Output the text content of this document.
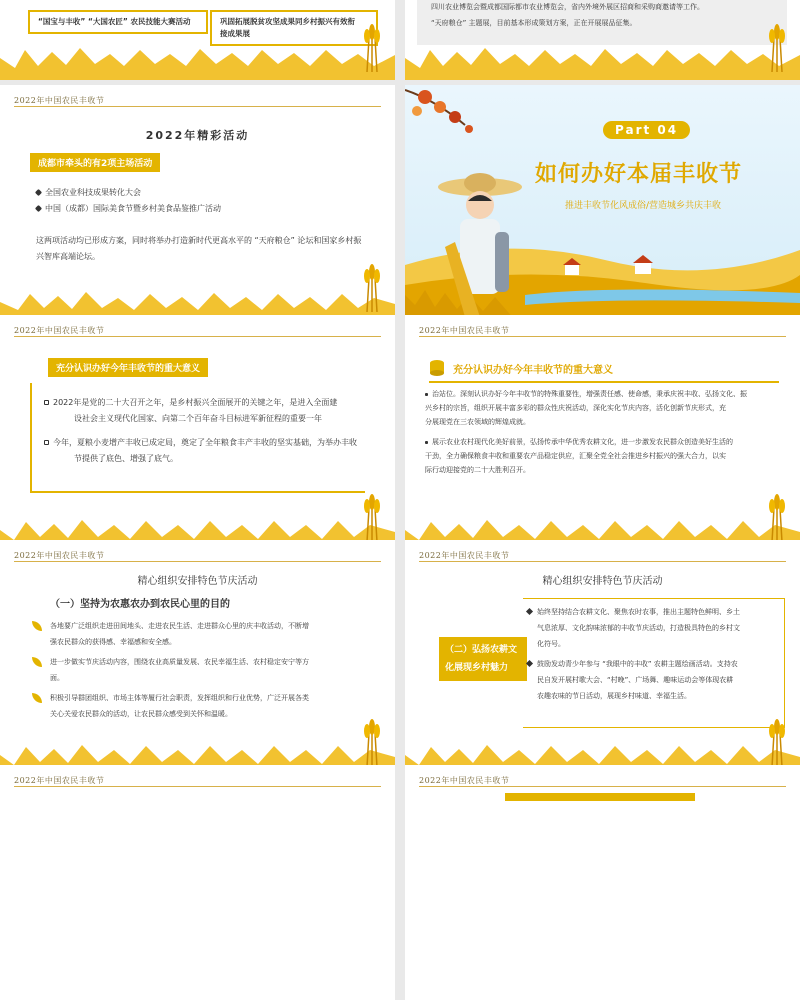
“国宝与丰收” “大国农匠” 农民技能大赛活动	巩固拓展脱贫攻坚成果同乡村振兴有效衔
接成果展
四川农业博览会暨成都国际都市农业博览会，省内外境外展区招商和采购商邀请等工作。
“天府粮仓” 主题展，目前基本形成策划方案，正在开展展品征集。
2022年中国农民丰收节
2022年精彩活动
成都市牵头的有2项主场活动
全国农业科技成果转化大会
中国（成都）国际美食节暨乡村美食品鉴推广活动
这两项活动均已形成方案，同时将举办打造新时代更高水平的 “天府粮仓” 论坛和国家乡村振
兴智库高端论坛。
Part 04
如何办好本届丰收节
推进丰收节化风成俗/营造城乡共庆丰收
2022年中国农民丰收节
充分认识办好今年丰收节的重大意义
2022年是党的二十大召开之年，是乡村振兴全面展开的关键之年，是进入全面建
设社会主义现代化国家、向第二个百年奋斗目标进军新征程的重要一年
今年，夏粮小麦增产丰收已成定局，奠定了全年粮食丰产丰收的坚实基础，为举办丰收
节提供了底色、增强了底气。
2022年中国农民丰收节
充分认识办好今年丰收节的重大意义
治站位。深刻认识办好今年丰收节的特殊重要性，增强责任感、使命感，秉承庆祝丰收、弘扬文化、振
兴乡村的宗旨，组织开展丰富多彩的群众性庆祝活动，深化实化节庆内容，活化创新节庆形式，充
分展现党在三农领域的辉煌成就。
展示农业农村现代化美好前景，弘扬传承中华优秀农耕文化，进一步激发农民群众创造美好生活的
干劲，全力确保粮食丰收和重要农产品稳定供应，汇聚全党全社会推进乡村振兴的强大合力，以实
际行动迎接党的二十大胜利召开。
2022年中国农民丰收节
精心组织安排特色节庆活动
（一）坚持为农惠农办到农民心里的目的
各地要广泛组织走进田间地头、走进农民生活、走进群众心里的庆丰收活动，不断增
强农民群众的获得感、幸福感和安全感。
进一步做实节庆活动内容，围绕农业高质量发展、农民幸福生活、农村稳定安宁等方
面。
积极引导群团组织、市场主体等履行社会职责，发挥组织和行业优势，广泛开展各类
关心关爱农民群众的活动，让农民群众感受到关怀和温暖。
2022年中国农民丰收节
精心组织安排特色节庆活动
（二）弘扬农耕文
化展现乡村魅力
始终坚持结合农耕文化、聚焦农时农事，推出主题特色鲜明、乡土
气息浓厚、文化韵味浓郁的丰收节庆活动，打造极具特色的乡村文
化符号。
鼓励发动青少年参与 “我眼中的丰收” 农耕主题绘画活动。支持农
民自发开展村歌大会、“村晚”、广场舞、趣味运动会等体现农耕
农趣农味的节日活动，展现乡村味道、幸福生活。
2022年中国农民丰收节	2022年中国农民丰收节
